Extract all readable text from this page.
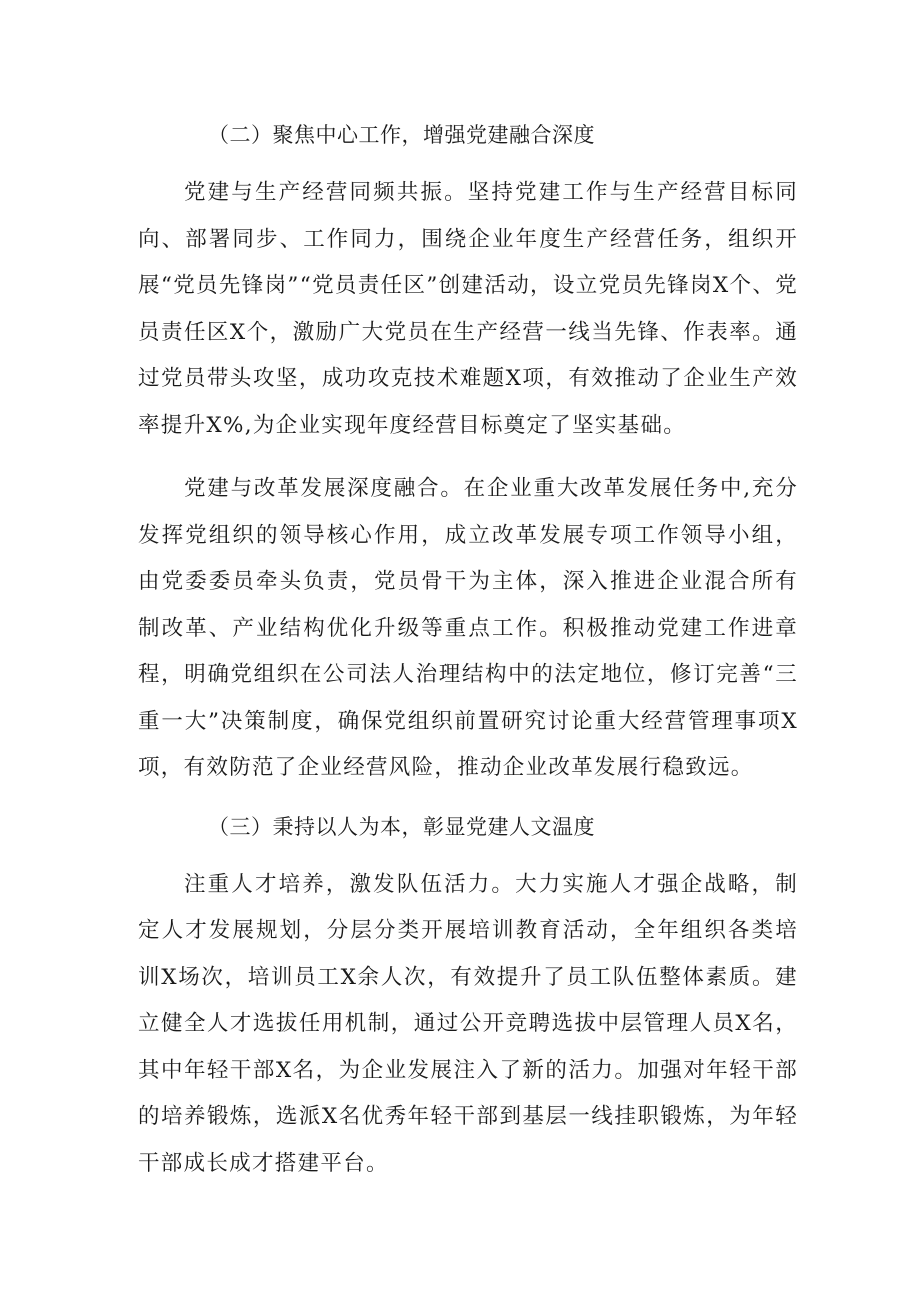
（二）聚焦中心工作，增强党建融合深度

党建与生产经营同频共振。坚持党建工作与生产经营目标同向、部署同步、工作同力，围绕企业年度生产经营任务，组织开展“党员先锋岗”“党员责任区”创建活动，设立党员先锋岗X个、党员责任区X个，激励广大党员在生产经营一线当先锋、作表率。通过党员带头攻坚，成功攻克技术难题X项，有效推动了企业生产效率提升X%,为企业实现年度经营目标奠定了坚实基础。

党建与改革发展深度融合。在企业重大改革发展任务中,充分发挥党组织的领导核心作用，成立改革发展专项工作领导小组，由党委委员牵头负责，党员骨干为主体，深入推进企业混合所有制改革、产业结构优化升级等重点工作。积极推动党建工作进章程，明确党组织在公司法人治理结构中的法定地位，修订完善“三重一大”决策制度，确保党组织前置研究讨论重大经营管理事项X项，有效防范了企业经营风险，推动企业改革发展行稳致远。

（三）秉持以人为本，彰显党建人文温度

注重人才培养，激发队伍活力。大力实施人才强企战略，制定人才发展规划，分层分类开展培训教育活动，全年组织各类培训X场次，培训员工X余人次，有效提升了员工队伍整体素质。建立健全人才选拔任用机制，通过公开竞聘选拔中层管理人员X名，其中年轻干部X名，为企业发展注入了新的活力。加强对年轻干部的培养锻炼，选派X名优秀年轻干部到基层一线挂职锻炼，为年轻干部成长成才搭建平台。
